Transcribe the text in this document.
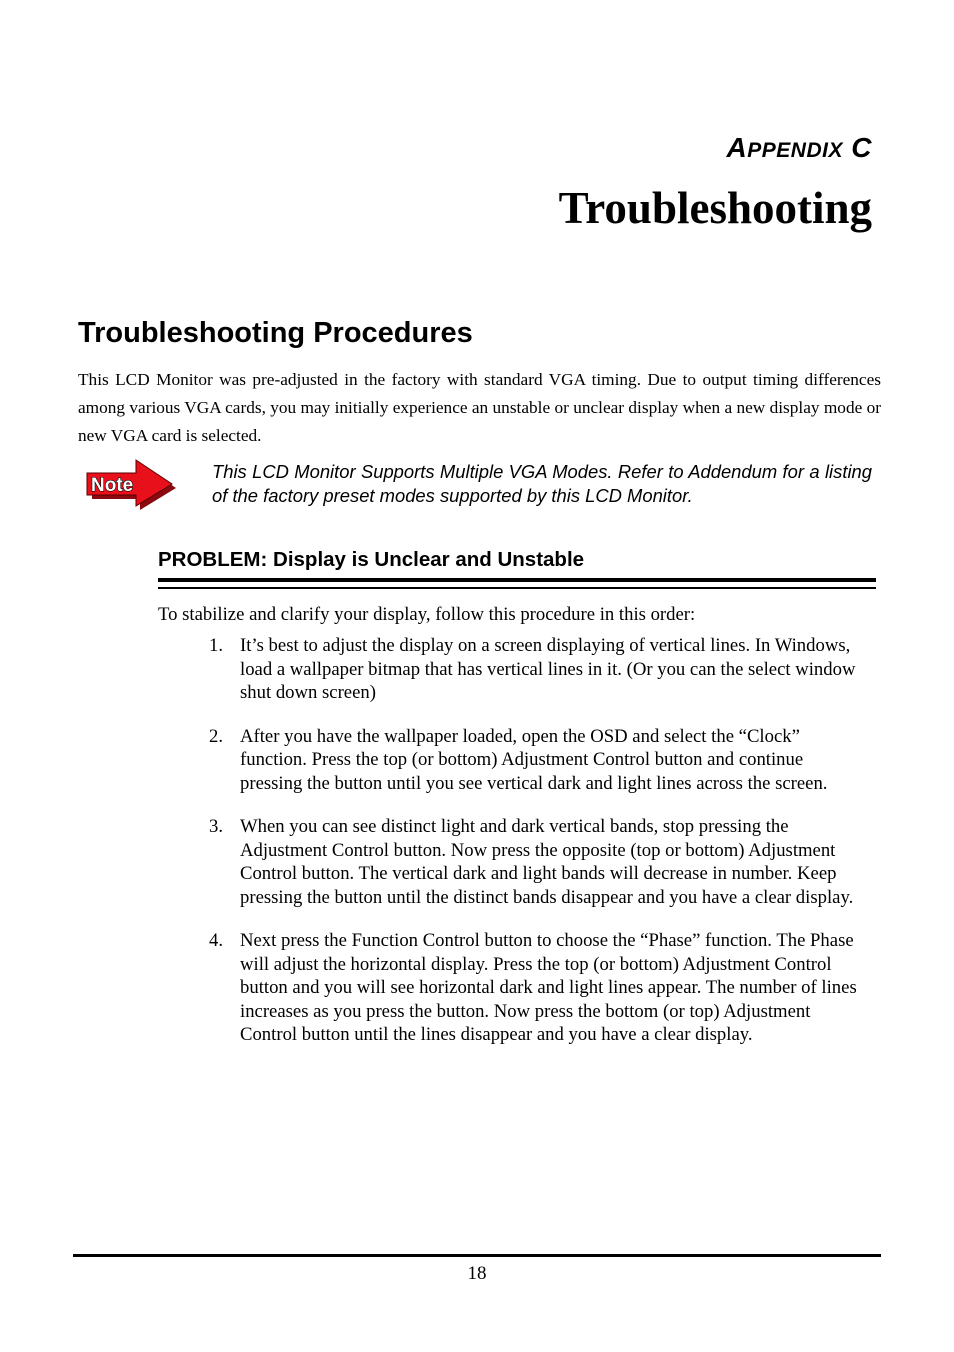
APPENDIX C
Troubleshooting
Troubleshooting Procedures
This LCD Monitor was pre-adjusted in the factory with standard VGA timing. Due to output timing differences among various VGA cards, you may initially experience an unstable or unclear display when a new display mode or new VGA card is selected.
Note
This LCD Monitor Supports Multiple VGA Modes. Refer to Addendum for a listing of the factory preset modes supported by this LCD Monitor.
PROBLEM: Display is Unclear and Unstable
To stabilize and clarify your display, follow this procedure in this order:
1. It’s best to adjust the display on a screen displaying of vertical lines. In Windows, load a wallpaper bitmap that has vertical lines in it. (Or you can the select window shut down screen)
2. After you have the wallpaper loaded, open the OSD and select the “Clock” function. Press the top (or bottom) Adjustment Control button and continue pressing the button until you see vertical dark and light lines across the screen.
3. When you can see distinct light and dark vertical bands, stop pressing the Adjustment Control button. Now press the opposite (top or bottom) Adjustment Control button. The vertical dark and light bands will decrease in number. Keep pressing the button until the distinct bands disappear and you have a clear display.
4. Next press the Function Control button to choose the “Phase” function. The Phase will adjust the horizontal display. Press the top (or bottom) Adjustment Control button and you will see horizontal dark and light lines appear. The number of lines increases as you press the button. Now press the bottom (or top) Adjustment Control button until the lines disappear and you have a clear display.
18
